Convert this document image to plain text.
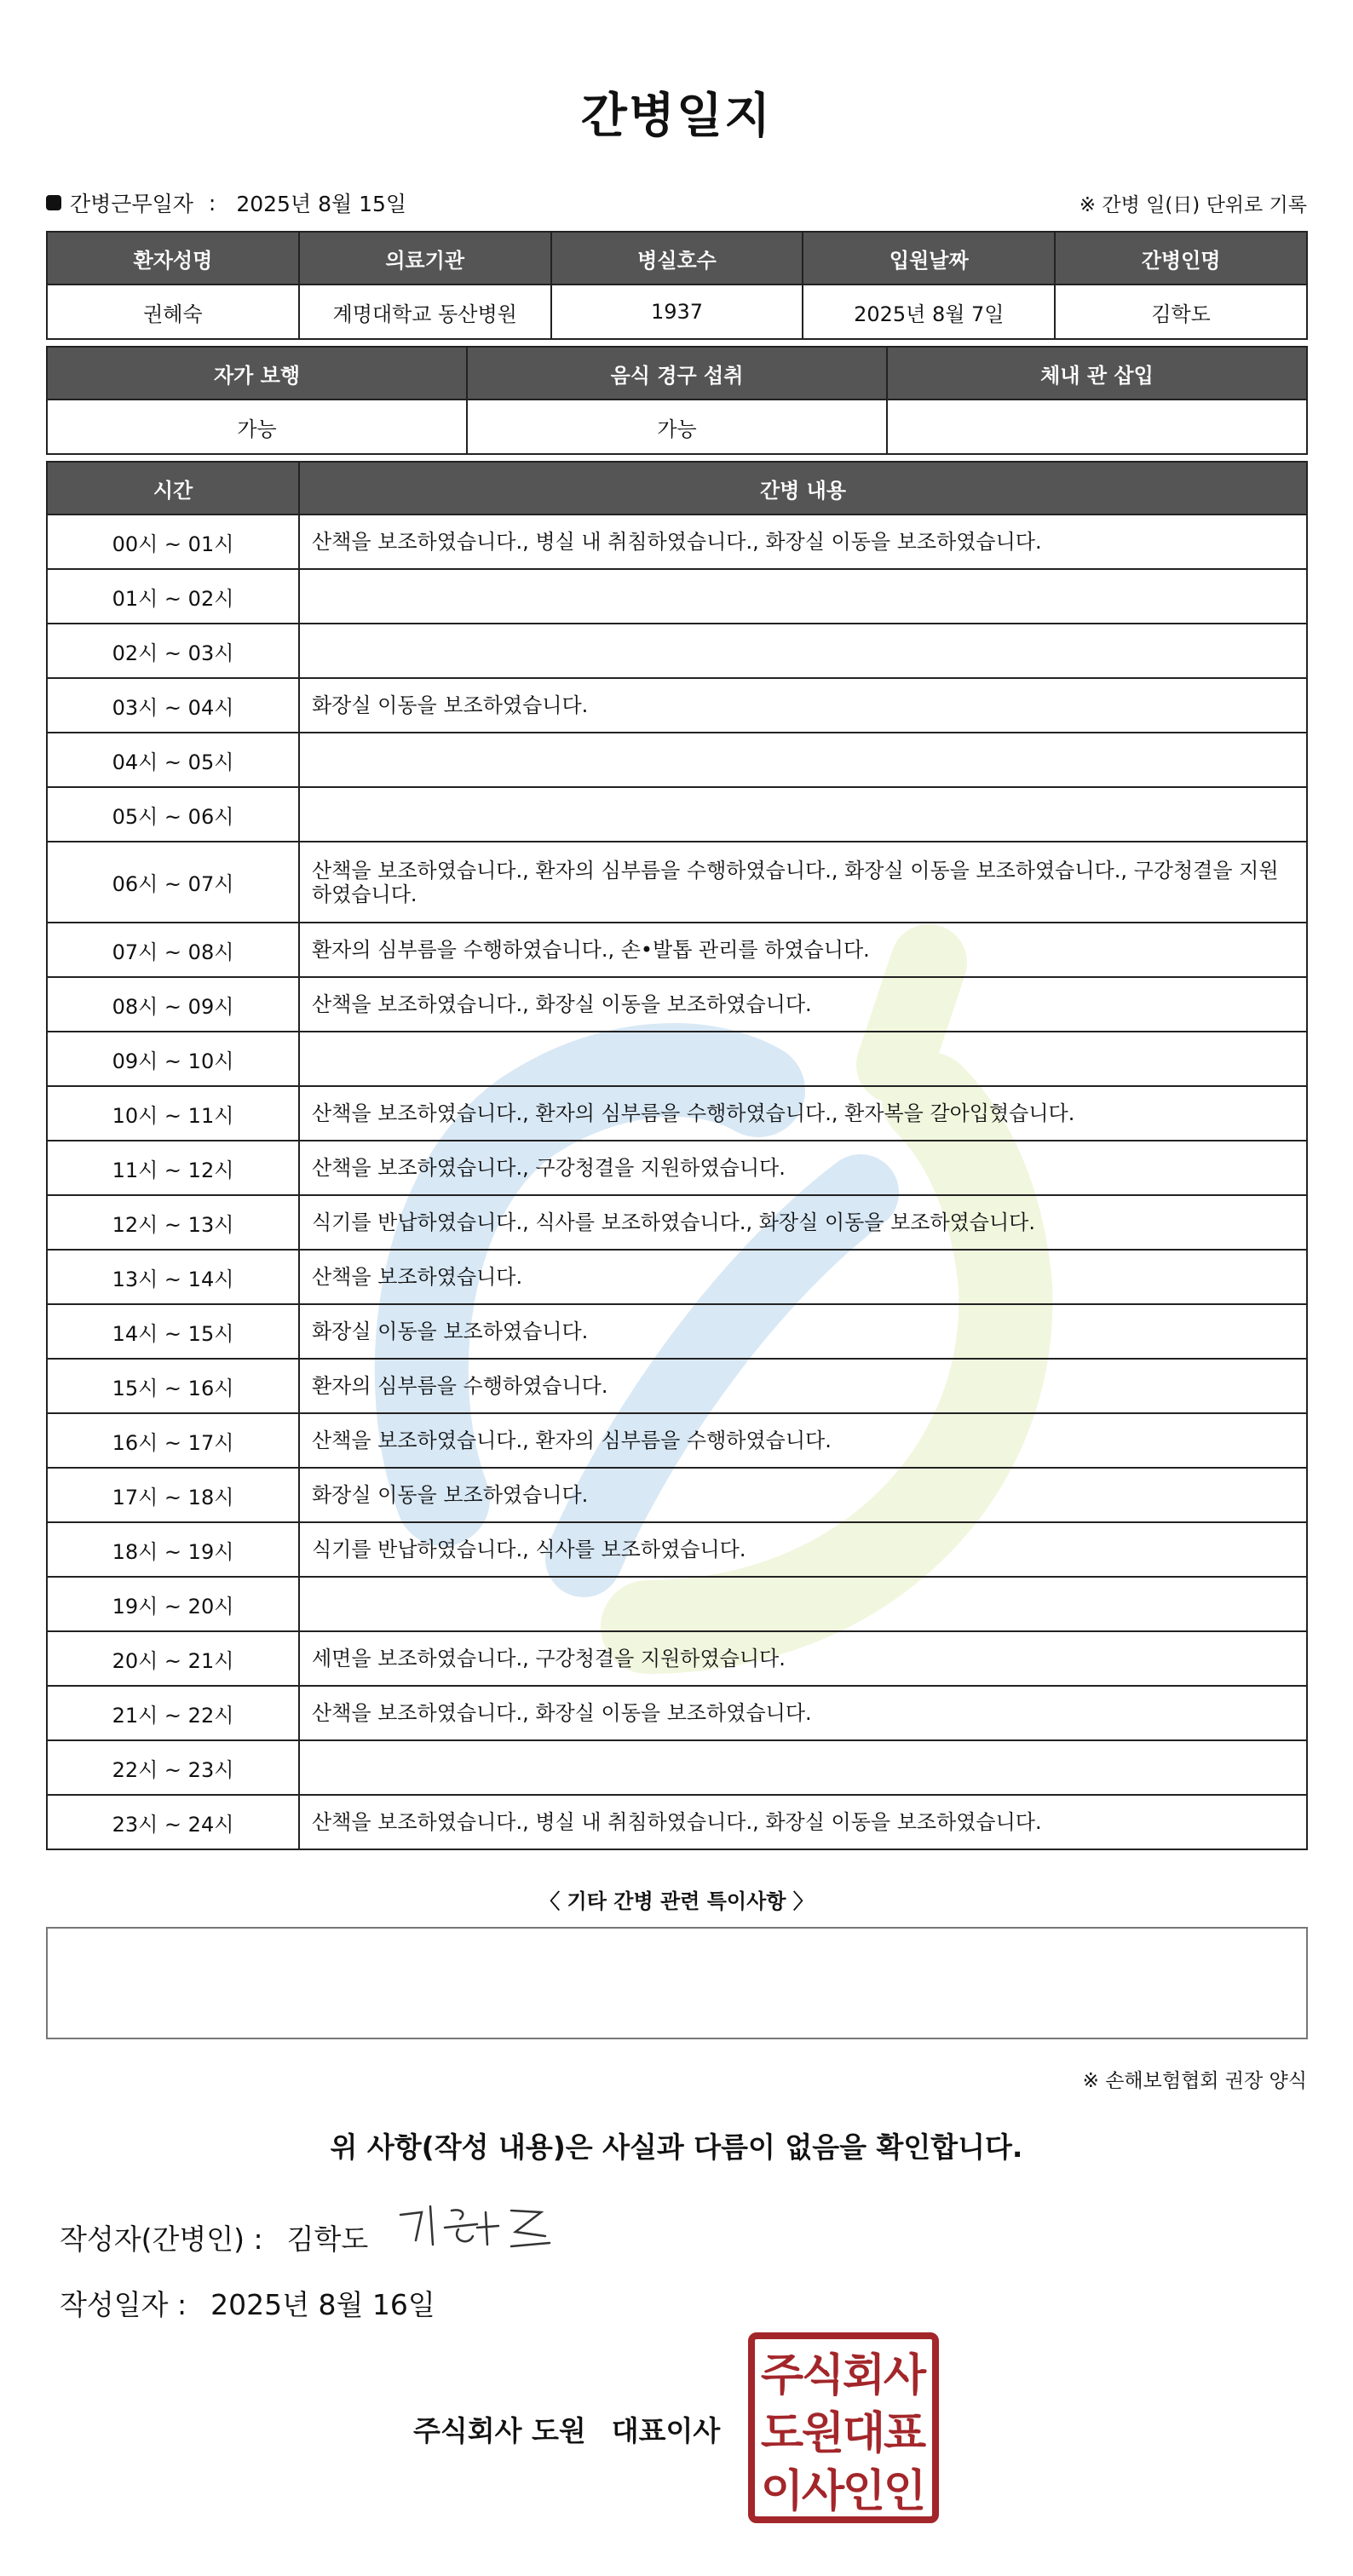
간병일지
간병근무일자 : 2025년 8월 15일	※ 간병 일(日) 단위로 기록
환자성명	의료기관	병실호수	입원날짜	간병인명
권혜숙	계명대학교 동산병원	1937	2025년 8월 7일	김학도
자가 보행	음식 경구 섭취	체내 관 삽입
가능	가능	
시간	간병 내용
00시 ~ 01시	산책을 보조하였습니다., 병실 내 취침하였습니다., 화장실 이동을 보조하였습니다.
01시 ~ 02시	
02시 ~ 03시	
03시 ~ 04시	화장실 이동을 보조하였습니다.
04시 ~ 05시	
05시 ~ 06시	
06시 ~ 07시	산책을 보조하였습니다., 환자의 심부름을 수행하였습니다., 화장실 이동을 보조하였습니다., 구강청결을 지원하였습니다.
07시 ~ 08시	환자의 심부름을 수행하였습니다., 손•발톱 관리를 하였습니다.
08시 ~ 09시	산책을 보조하였습니다., 화장실 이동을 보조하였습니다.
09시 ~ 10시	
10시 ~ 11시	산책을 보조하였습니다., 환자의 심부름을 수행하였습니다., 환자복을 갈아입혔습니다.
11시 ~ 12시	산책을 보조하였습니다., 구강청결을 지원하였습니다.
12시 ~ 13시	식기를 반납하였습니다., 식사를 보조하였습니다., 화장실 이동을 보조하였습니다.
13시 ~ 14시	산책을 보조하였습니다.
14시 ~ 15시	화장실 이동을 보조하였습니다.
15시 ~ 16시	환자의 심부름을 수행하였습니다.
16시 ~ 17시	산책을 보조하였습니다., 환자의 심부름을 수행하였습니다.
17시 ~ 18시	화장실 이동을 보조하였습니다.
18시 ~ 19시	식기를 반납하였습니다., 식사를 보조하였습니다.
19시 ~ 20시	
20시 ~ 21시	세면을 보조하였습니다., 구강청결을 지원하였습니다.
21시 ~ 22시	산책을 보조하였습니다., 화장실 이동을 보조하였습니다.
22시 ~ 23시	
23시 ~ 24시	산책을 보조하였습니다., 병실 내 취침하였습니다., 화장실 이동을 보조하였습니다.
〈 기타 간병 관련 특이사항 〉
※ 손해보험협회 권장 양식
위 사항(작성 내용)은 사실과 다름이 없음을 확인합니다.
작성자(간병인) : 김학도
작성일자 : 2025년 8월 16일
주식회사 도원 대표이사
주
식
회
사
도
원
대
표
이
사
인
인
